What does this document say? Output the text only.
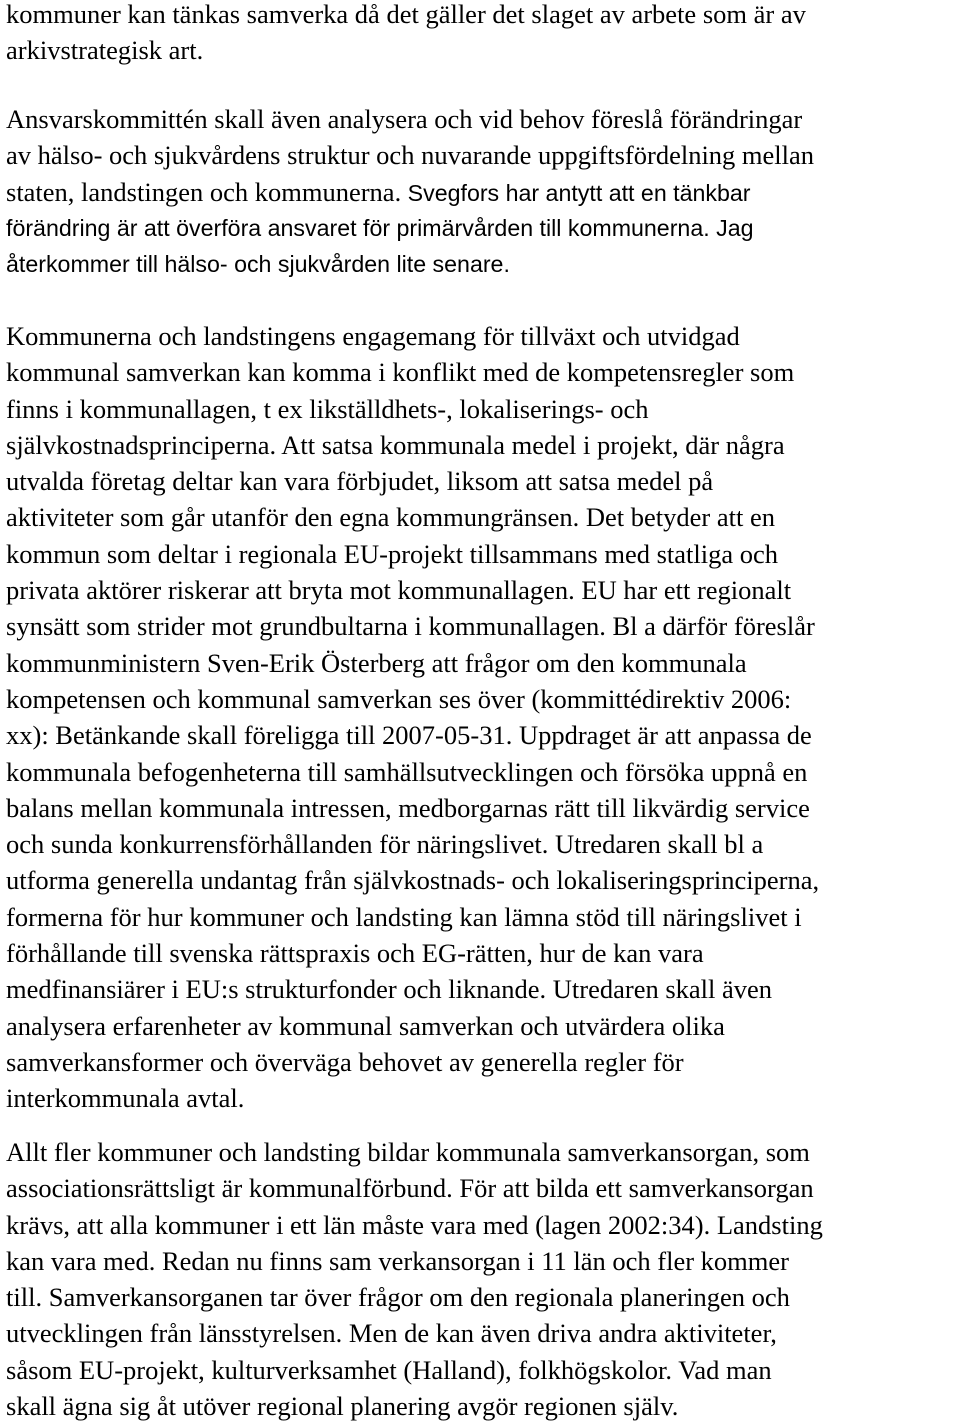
kommuner kan tänkas samverka då det gäller det slaget av arbete som är av
arkivstrategisk art.
Ansvarskommittén skall även analysera och vid behov föreslå förändringar
av hälso- och sjukvårdens struktur och nuvarande uppgiftsfördelning mellan
staten, landstingen och kommunerna. Svegfors har antytt att en tänkbar
förändring är att överföra ansvaret för primärvården till kommunerna. Jag
återkommer till hälso- och sjukvården lite senare.
Kommunerna och landstingens engagemang för tillväxt och utvidgad
kommunal samverkan kan komma i konflikt med de kompetensregler som
finns i kommunallagen, t ex likställdhets-, lokaliserings- och
självkostnadsprinciperna. Att satsa kommunala medel i projekt, där några
utvalda företag deltar kan vara förbjudet, liksom att satsa medel på
aktiviteter som går utanför den egna kommungränsen. Det betyder att en
kommun som deltar i regionala EU-projekt tillsammans med statliga och
privata aktörer riskerar att bryta mot kommunallagen. EU har ett regionalt
synsätt som strider mot grundbultarna i kommunallagen. Bl a därför föreslår
kommunministern Sven-Erik Österberg att frågor om den kommunala
kompetensen och kommunal samverkan ses över (kommittédirektiv 2006:
xx): Betänkande skall föreligga till 2007-05-31. Uppdraget är att anpassa de
kommunala befogenheterna till samhällsutvecklingen och försöka uppnå en
balans mellan kommunala intressen, medborgarnas rätt till likvärdig service
och sunda konkurrensförhållanden för näringslivet. Utredaren skall bl a
utforma generella undantag från självkostnads- och lokaliseringsprinciperna,
formerna för hur kommuner och landsting kan lämna stöd till näringslivet i
förhållande till svenska rättspraxis och EG-rätten, hur de kan vara
medfinansiärer i EU:s strukturfonder och liknande. Utredaren skall även
analysera erfarenheter av kommunal samverkan och utvärdera olika
samverkansformer och överväga behovet av generella regler för
interkommunala avtal.
Allt fler kommuner och landsting bildar kommunala samverkansorgan, som
associationsrättsligt är kommunalförbund. För att bilda ett samverkansorgan
krävs, att alla kommuner i ett län måste vara med (lagen 2002:34). Landsting
kan vara med. Redan nu finns sam verkansorgan i 11 län och fler kommer
till. Samverkansorganen tar över frågor om den regionala planeringen och
utvecklingen från länsstyrelsen. Men de kan även driva andra aktiviteter,
såsom EU-projekt, kulturverksamhet (Halland), folkhögskolor. Vad man
skall ägna sig åt utöver regional planering avgör regionen själv.
